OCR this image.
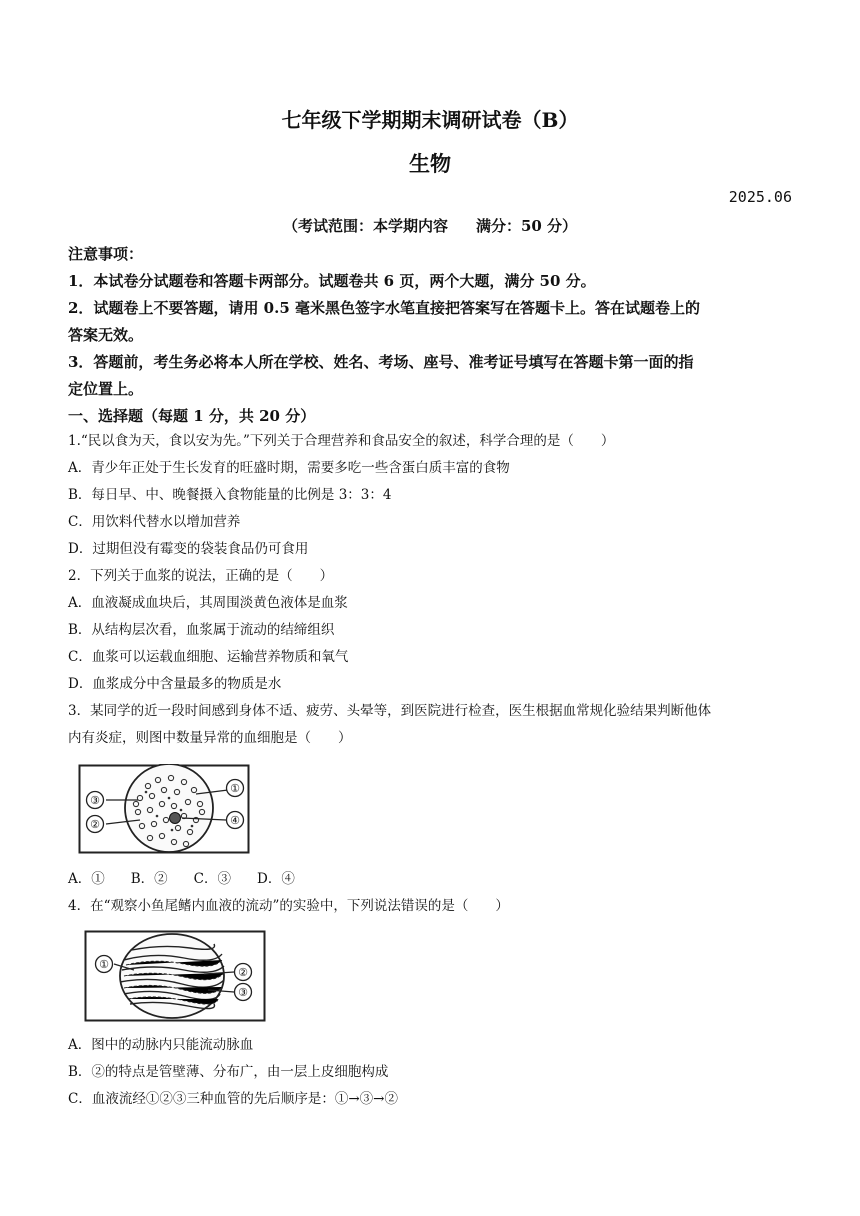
七年级下学期期末调研试卷（B）
生物
2025.06
（考试范围：本学期内容 满分：50 分）
注意事项：
1．本试卷分试题卷和答题卡两部分。试题卷共 6 页，两个大题，满分 50 分。
2．试题卷上不要答题，请用 0.5 毫米黑色签字水笔直接把答案写在答题卡上。答在试题卷上的
答案无效。
3．答题前，考生务必将本人所在学校、姓名、考场、座号、准考证号填写在答题卡第一面的指
定位置上。
一、选择题（每题 1 分，共 20 分）
1.“民以食为天，食以安为先。”下列关于合理营养和食品安全的叙述，科学合理的是（　　）
A．青少年正处于生长发育的旺盛时期，需要多吃一些含蛋白质丰富的食物
B．每日早、中、晚餐摄入食物能量的比例是 3：3：4
C．用饮料代替水以增加营养
D．过期但没有霉变的袋装食品仍可食用
2．下列关于血浆的说法，正确的是（　　）
A．血液凝成血块后，其周围淡黄色液体是血浆
B．从结构层次看，血浆属于流动的结缔组织
C．血浆可以运载血细胞、运输营养物质和氧气
D．血浆成分中含量最多的物质是水
3．某同学的近一段时间感到身体不适、疲劳、头晕等，到医院进行检查，医生根据血常规化验结果判断他体
内有炎症，则图中数量异常的血细胞是（　　）
③
②
①
④
A．① B．② C．③ D．④
4．在“观察小鱼尾鳍内血液的流动”的实验中，下列说法错误的是（　　）
①
②
③
A．图中的动脉内只能流动脉血
B．②的特点是管壁薄、分布广，由一层上皮细胞构成
C．血液流经①②③三种血管的先后顺序是：①→③→②
